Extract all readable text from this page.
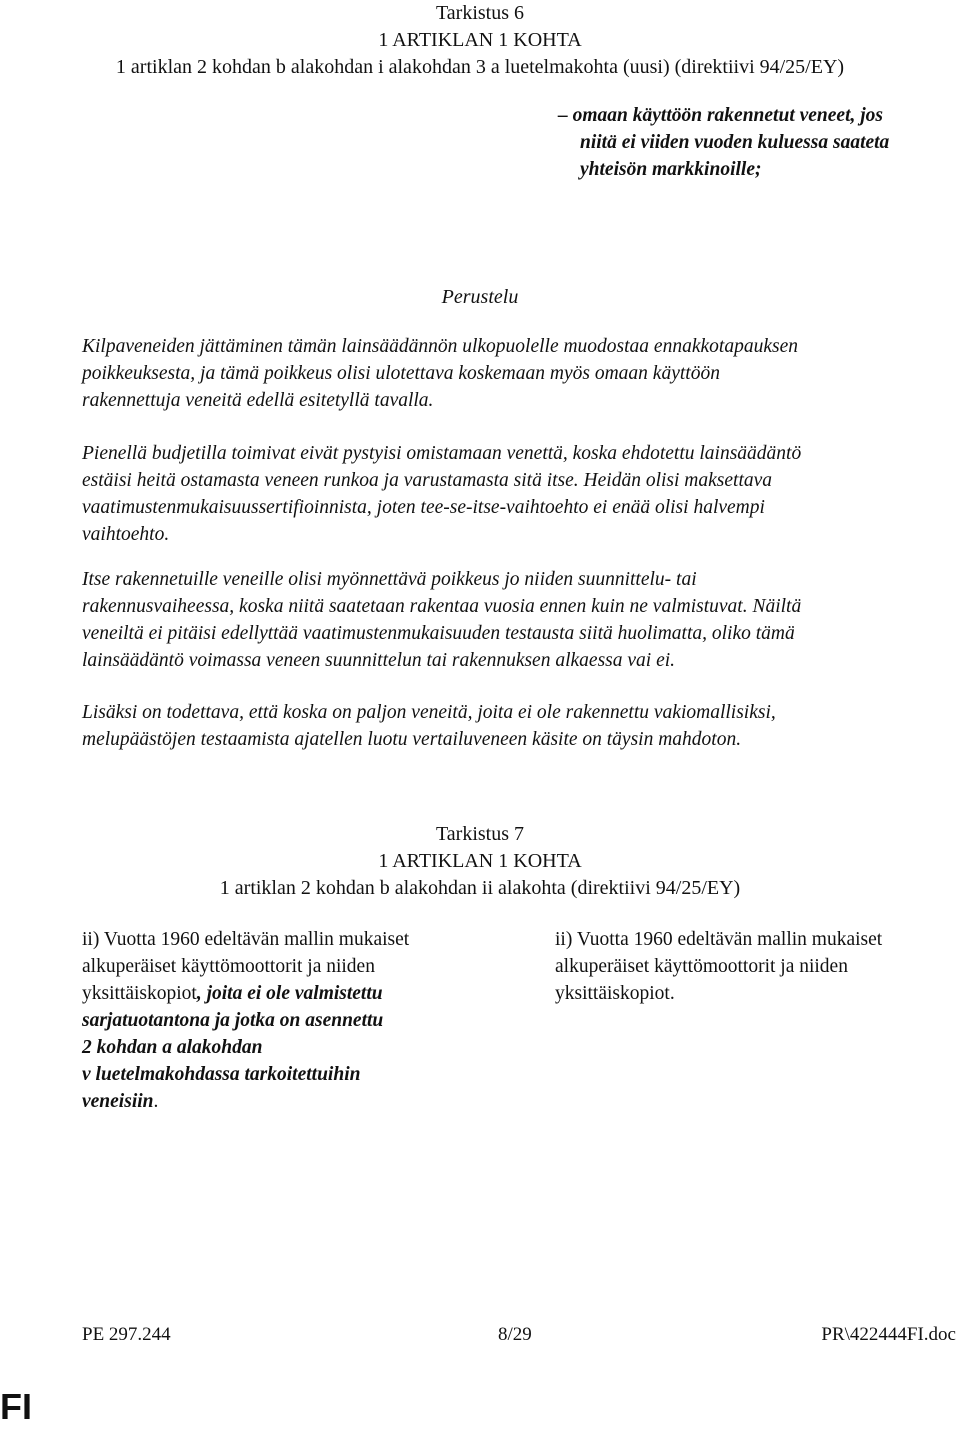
Tarkistus 6
1 ARTIKLAN 1 KOHTA
1 artiklan 2 kohdan b alakohdan i alakohdan 3 a luetelmakohta (uusi) (direktiivi 94/25/EY)
– omaan käyttöön rakennetut veneet, jos
niitä ei viiden vuoden kuluessa saateta
yhteisön markkinoille;
Perustelu
Kilpaveneiden jättäminen tämän lainsäädännön ulkopuolelle muodostaa ennakkotapauksen
poikkeuksesta, ja tämä poikkeus olisi ulotettava koskemaan myös omaan käyttöön
rakennettuja veneitä edellä esitetyllä tavalla.
Pienellä budjetilla toimivat eivät pystyisi omistamaan venettä, koska ehdotettu lainsäädäntö
estäisi heitä ostamasta veneen runkoa ja varustamasta sitä itse. Heidän olisi maksettava
vaatimustenmukaisuussertifioinnista, joten tee-se-itse-vaihtoehto ei enää olisi halvempi
vaihtoehto.
Itse rakennetuille veneille olisi myönnettävä poikkeus jo niiden suunnittelu- tai
rakennusvaiheessa, koska niitä saatetaan rakentaa vuosia ennen kuin ne valmistuvat. Näiltä
veneiltä ei pitäisi edellyttää vaatimustenmukaisuuden testausta siitä huolimatta, oliko tämä
lainsäädäntö voimassa veneen suunnittelun tai rakennuksen alkaessa vai ei.
Lisäksi on todettava, että koska on paljon veneitä, joita ei ole rakennettu vakiomallisiksi,
melupäästöjen testaamista ajatellen luotu vertailuveneen käsite on täysin mahdoton.
Tarkistus 7
1 ARTIKLAN 1 KOHTA
1 artiklan 2 kohdan b alakohdan ii alakohta (direktiivi 94/25/EY)
ii) Vuotta 1960 edeltävän mallin mukaiset
alkuperäiset käyttömoottorit ja niiden
yksittäiskopiot, joita ei ole valmistettu
sarjatuotantona ja jotka on asennettu
2 kohdan a alakohdan
v luetelmakohdassa tarkoitettuihin
veneisiin.
ii) Vuotta 1960 edeltävän mallin mukaiset
alkuperäiset käyttömoottorit ja niiden
yksittäiskopiot.
PE 297.244	8/29	PR\422444FI.doc
FI
